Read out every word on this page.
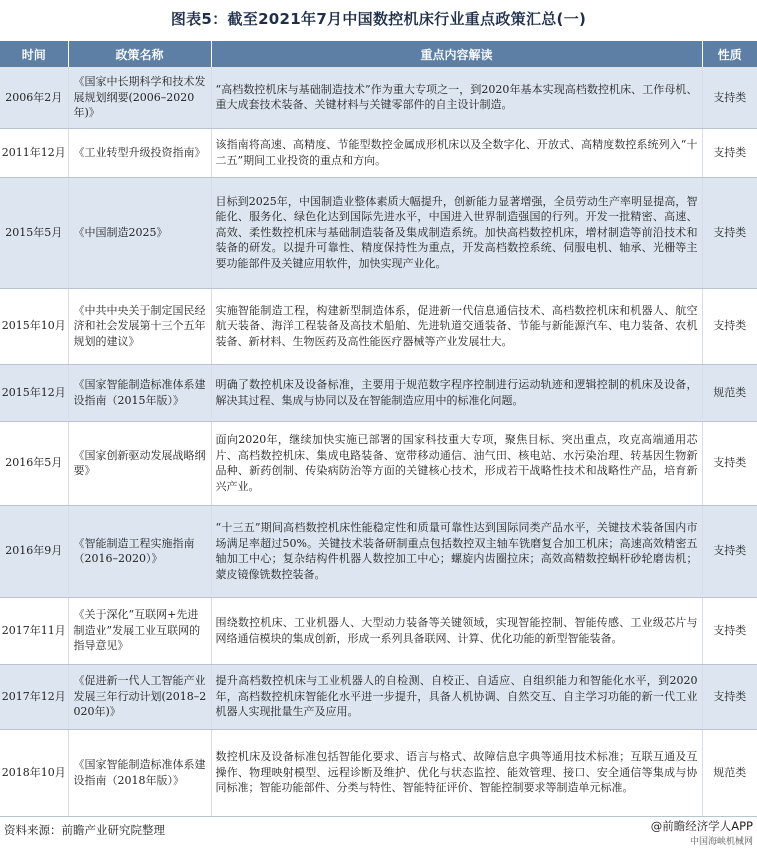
图表5：截至2021年7月中国数控机床行业重点政策汇总(一)
时间	政策名称	重点内容解读	性质
2006年2月	《国家中长期科学和技术发展规划纲要(2006–2020年)》	“高档数控机床与基础制造技术”作为重大专项之一，到2020年基本实现高档数控机床、工作母机、重大成套技术装备、关键材料与关键零部件的自主设计制造。	支持类
2011年12月	《工业转型升级投资指南》	该指南将高速、高精度、节能型数控金属成形机床以及全数字化、开放式、高精度数控系统列入“十二五”期间工业投资的重点和方向。	支持类
2015年5月	《中国制造2025》	目标到2025年，中国制造业整体素质大幅提升，创新能力显著增强，全员劳动生产率明显提高，智能化、服务化、绿色化达到国际先进水平，中国进入世界制造强国的行列。开发一批精密、高速、高效、柔性数控机床与基础制造装备及集成制造系统。加快高档数控机床，增材制造等前沿技术和装备的研发。以提升可靠性、精度保持性为重点，开发高档数控系统、伺服电机、轴承、光栅等主要功能部件及关键应用软件，加快实现产业化。	支持类
2015年10月	《中共中央关于制定国民经济和社会发展第十三个五年规划的建议》	实施智能制造工程，构建新型制造体系，促进新一代信息通信技术、高档数控机床和机器人、航空航天装备、海洋工程装备及高技术船舶、先进轨道交通装备、节能与新能源汽车、电力装备、农机装备、新材料、生物医药及高性能医疗器械等产业发展壮大。	支持类
2015年12月	《国家智能制造标准体系建设指南（2015年版）》	明确了数控机床及设备标准，主要用于规范数字程序控制进行运动轨迹和逻辑控制的机床及设备，解决其过程、集成与协同以及在智能制造应用中的标准化问题。	规范类
2016年5月	《国家创新驱动发展战略纲要》	面向2020年，继续加快实施已部署的国家科技重大专项，聚焦目标、突出重点，攻克高端通用芯片、高档数控机床、集成电路装备、宽带移动通信、油气田、核电站、水污染治理、转基因生物新品种、新药创制、传染病防治等方面的关键核心技术，形成若干战略性技术和战略性产品，培育新兴产业。	支持类
2016年9月	《智能制造工程实施指南（2016–2020）》	“十三五”期间高档数控机床性能稳定性和质量可靠性达到国际同类产品水平，关键技术装备国内市场满足率超过50%。关键技术装备研制重点包括数控双主轴车铣磨复合加工机床；高速高效精密五轴加工中心；复杂结构件机器人数控加工中心；螺旋内齿圈拉床；高效高精数控蜗杆砂轮磨齿机；蒙皮镜像铣数控装备。	支持类
2017年11月	《关于深化“互联网+先进制造业”发展工业互联网的指导意见》	围绕数控机床、工业机器人、大型动力装备等关键领域，实现智能控制、智能传感、工业级芯片与网络通信模块的集成创新，形成一系列具备联网、计算、优化功能的新型智能装备。	支持类
2017年12月	《促进新一代人工智能产业发展三年行动计划(2018–2020年)》	提升高档数控机床与工业机器人的自检测、自校正、自适应、自组织能力和智能化水平，到2020年，高档数控机床智能化水平进一步提升，具备人机协调、自然交互、自主学习功能的新一代工业机器人实现批量生产及应用。	支持类
2018年10月	《国家智能制造标准体系建设指南（2018年版）》	数控机床及设备标准包括智能化要求、语言与格式、故障信息字典等通用技术标准；互联互通及互操作、物理映射模型、远程诊断及维护、优化与状态监控、能效管理、接口、安全通信等集成与协同标准；智能功能部件、分类与特性、智能特征评价、智能控制要求等制造单元标准。	规范类
资料来源：前瞻产业研究院整理	@前瞻经济学人APP
中国海峡机械网
